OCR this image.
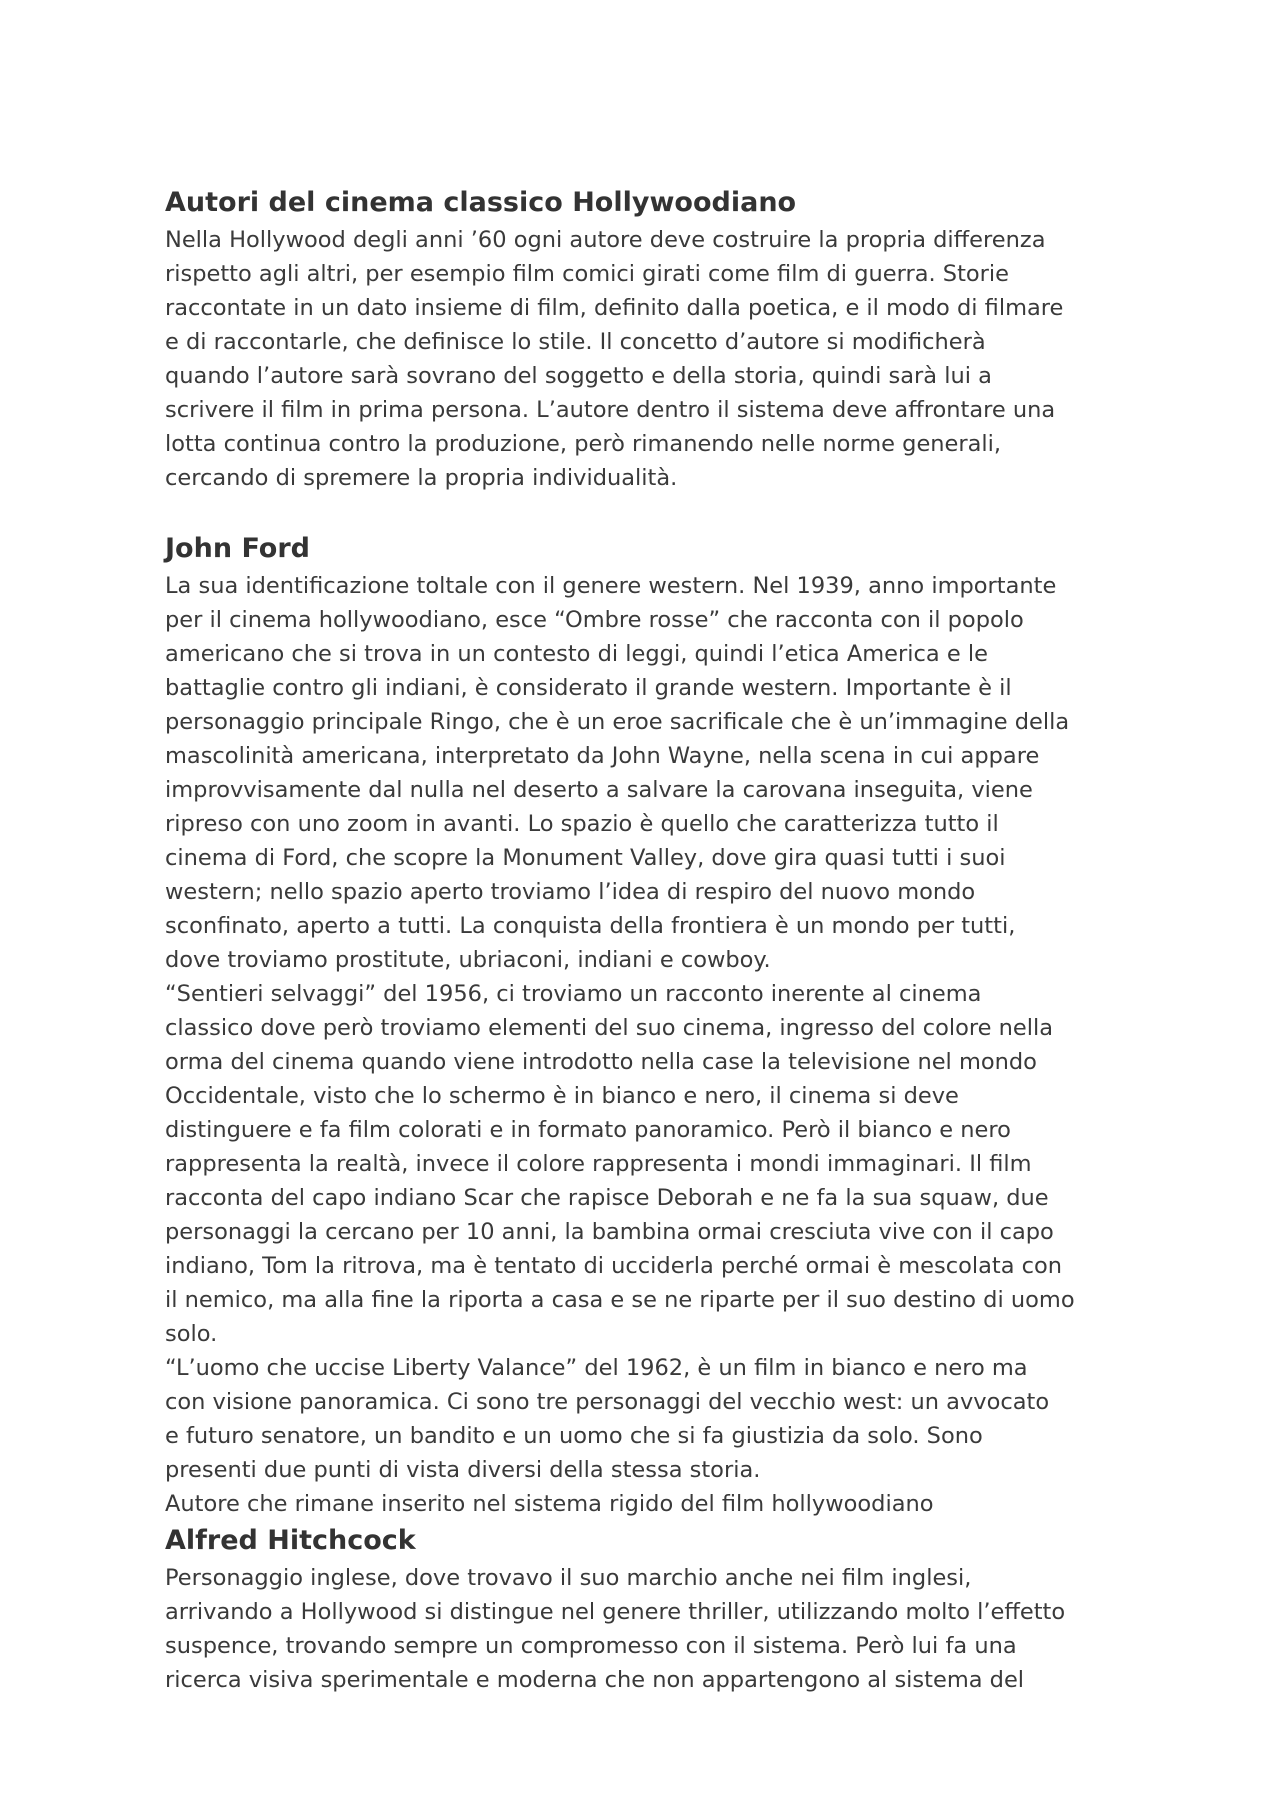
Autori del cinema classico Hollywoodiano

Nella Hollywood degli anni ’60 ogni autore deve costruire la propria differenza
rispetto agli altri, per esempio film comici girati come film di guerra. Storie
raccontate in un dato insieme di film, definito dalla poetica, e il modo di filmare
e di raccontarle, che definisce lo stile. Il concetto d’autore si modificherà
quando l’autore sarà sovrano del soggetto e della storia, quindi sarà lui a
scrivere il film in prima persona. L’autore dentro il sistema deve affrontare una
lotta continua contro la produzione, però rimanendo nelle norme generali,
cercando di spremere la propria individualità.

John Ford

La sua identificazione toltale con il genere western. Nel 1939, anno importante
per il cinema hollywoodiano, esce “Ombre rosse” che racconta con il popolo
americano che si trova in un contesto di leggi, quindi l’etica America e le
battaglie contro gli indiani, è considerato il grande western. Importante è il
personaggio principale Ringo, che è un eroe sacrificale che è un’immagine della
mascolinità americana, interpretato da John Wayne, nella scena in cui appare
improvvisamente dal nulla nel deserto a salvare la carovana inseguita, viene
ripreso con uno zoom in avanti. Lo spazio è quello che caratterizza tutto il
cinema di Ford, che scopre la Monument Valley, dove gira quasi tutti i suoi
western; nello spazio aperto troviamo l’idea di respiro del nuovo mondo
sconfinato, aperto a tutti. La conquista della frontiera è un mondo per tutti,
dove troviamo prostitute, ubriaconi, indiani e cowboy.

“Sentieri selvaggi” del 1956, ci troviamo un racconto inerente al cinema
classico dove però troviamo elementi del suo cinema, ingresso del colore nella
orma del cinema quando viene introdotto nella case la televisione nel mondo
Occidentale, visto che lo schermo è in bianco e nero, il cinema si deve
distinguere e fa film colorati e in formato panoramico. Però il bianco e nero
rappresenta la realtà, invece il colore rappresenta i mondi immaginari. Il film
racconta del capo indiano Scar che rapisce Deborah e ne fa la sua squaw, due
personaggi la cercano per 10 anni, la bambina ormai cresciuta vive con il capo
indiano, Tom la ritrova, ma è tentato di ucciderla perché ormai è mescolata con
il nemico, ma alla fine la riporta a casa e se ne riparte per il suo destino di uomo
solo.

“L’uomo che uccise Liberty Valance” del 1962, è un film in bianco e nero ma
con visione panoramica. Ci sono tre personaggi del vecchio west: un avvocato
e futuro senatore, un bandito e un uomo che si fa giustizia da solo. Sono
presenti due punti di vista diversi della stessa storia.

Autore che rimane inserito nel sistema rigido del film hollywoodiano

Alfred Hitchcock

Personaggio inglese, dove trovavo il suo marchio anche nei film inglesi,
arrivando a Hollywood si distingue nel genere thriller, utilizzando molto l’effetto
suspence, trovando sempre un compromesso con il sistema. Però lui fa una
ricerca visiva sperimentale e moderna che non appartengono al sistema del
